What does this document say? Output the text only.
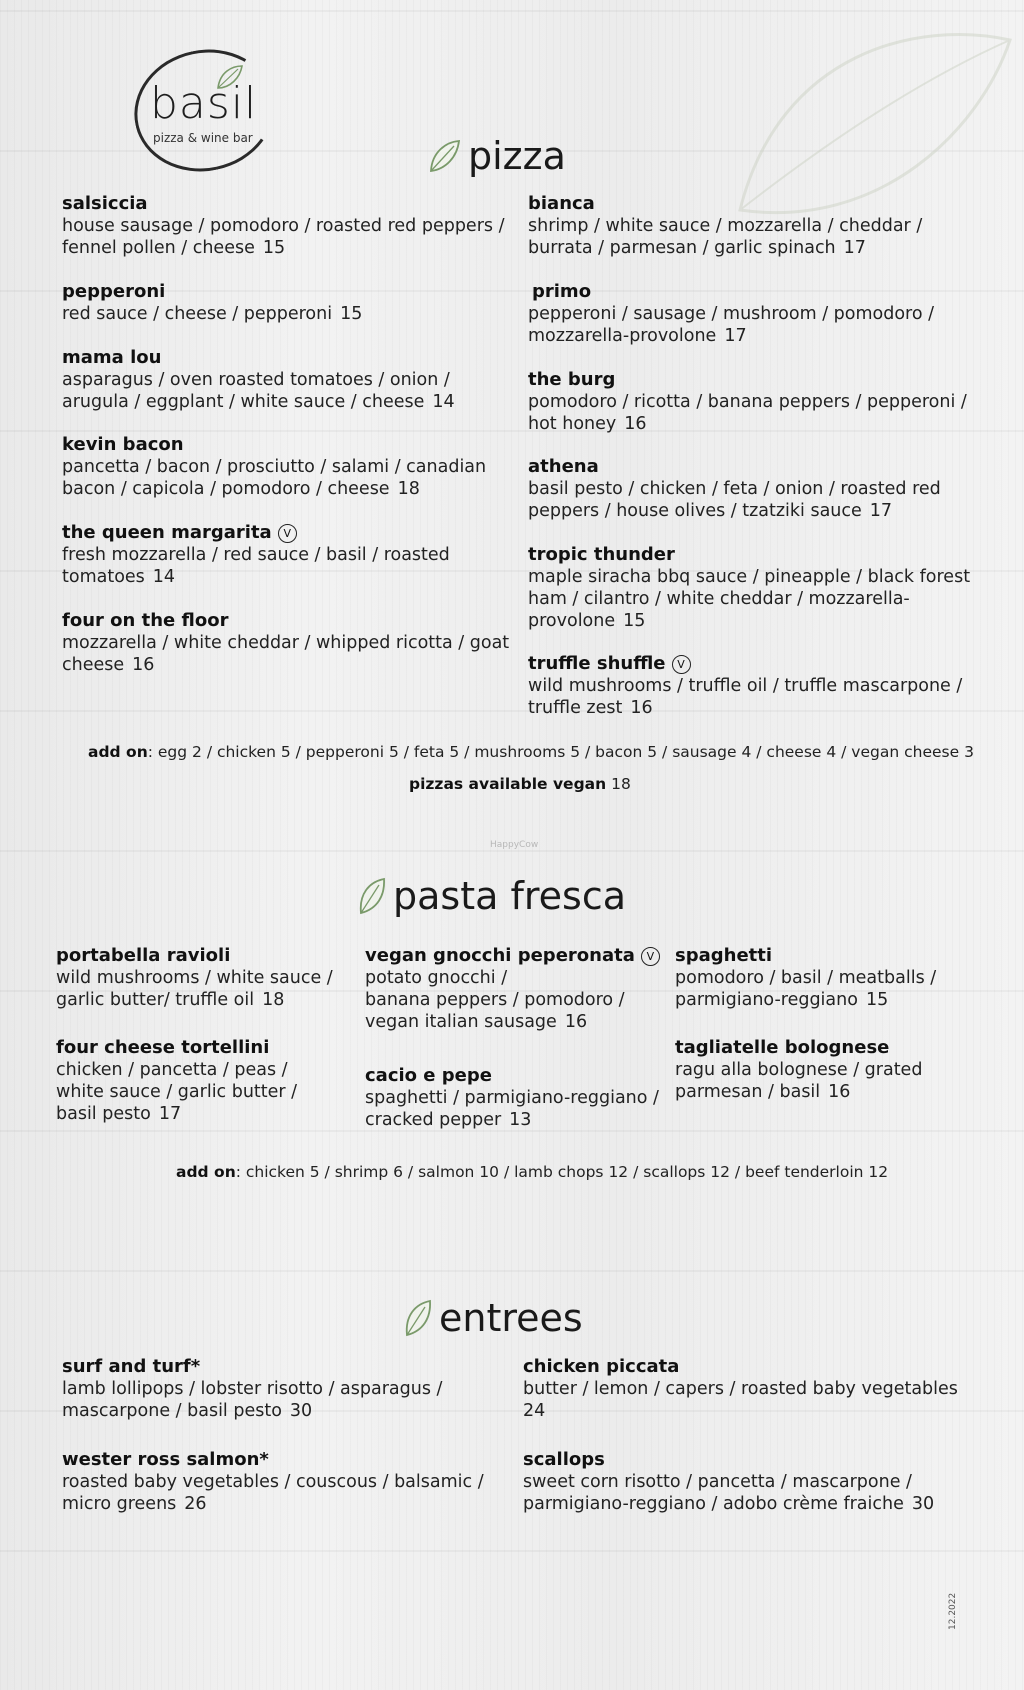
basil
pizza & wine bar	pizza
salsiccia
house sausage / pomodoro / roasted red peppers /
fennel pollen / cheese 15
pepperoni
red sauce / cheese / pepperoni 15
mama lou
asparagus / oven roasted tomatoes / onion /
arugula / eggplant / white sauce / cheese 14
kevin bacon
pancetta / bacon / prosciutto / salami / canadian
bacon / capicola / pomodoro / cheese 18
the queen margarita V
fresh mozzarella / red sauce / basil / roasted
tomatoes 14
four on the floor
mozzarella / white cheddar / whipped ricotta / goat
cheese 16
bianca
shrimp / white sauce / mozzarella / cheddar /
burrata / parmesan / garlic spinach 17
primo
pepperoni / sausage / mushroom / pomodoro /
mozzarella-provolone 17
the burg
pomodoro / ricotta / banana peppers / pepperoni /
hot honey 16
athena
basil pesto / chicken / feta / onion / roasted red
peppers / house olives / tzatziki sauce 17
tropic thunder
maple siracha bbq sauce / pineapple / black forest
ham / cilantro / white cheddar / mozzarella-
provolone 15
truffle shuffle V
wild mushrooms / truffle oil / truffle mascarpone /
truffle zest 16
add on: egg 2 / chicken 5 / pepperoni 5 / feta 5 / mushrooms 5 / bacon 5 / sausage 4 / cheese 4 / vegan cheese 3
pizzas available vegan 18
HappyCow
pasta fresca
portabella ravioli
wild mushrooms / white sauce /
garlic butter/ truffle oil 18
four cheese tortellini
chicken / pancetta / peas /
white sauce / garlic butter /
basil pesto 17
vegan gnocchi peperonata V
potato gnocchi /
banana peppers / pomodoro /
vegan italian sausage 16
cacio e pepe
spaghetti / parmigiano-reggiano /
cracked pepper 13
spaghetti
pomodoro / basil / meatballs /
parmigiano-reggiano 15
tagliatelle bolognese
ragu alla bolognese / grated
parmesan / basil 16
add on: chicken 5 / shrimp 6 / salmon 10 / lamb chops 12 / scallops 12 / beef tenderloin 12
entrees
surf and turf*
lamb lollipops / lobster risotto / asparagus /
mascarpone / basil pesto 30
wester ross salmon*
roasted baby vegetables / couscous / balsamic /
micro greens 26
chicken piccata
butter / lemon / capers / roasted baby vegetables
24
scallops
sweet corn risotto / pancetta / mascarpone /
parmigiano-reggiano / adobo crème fraiche 30
12.2022
